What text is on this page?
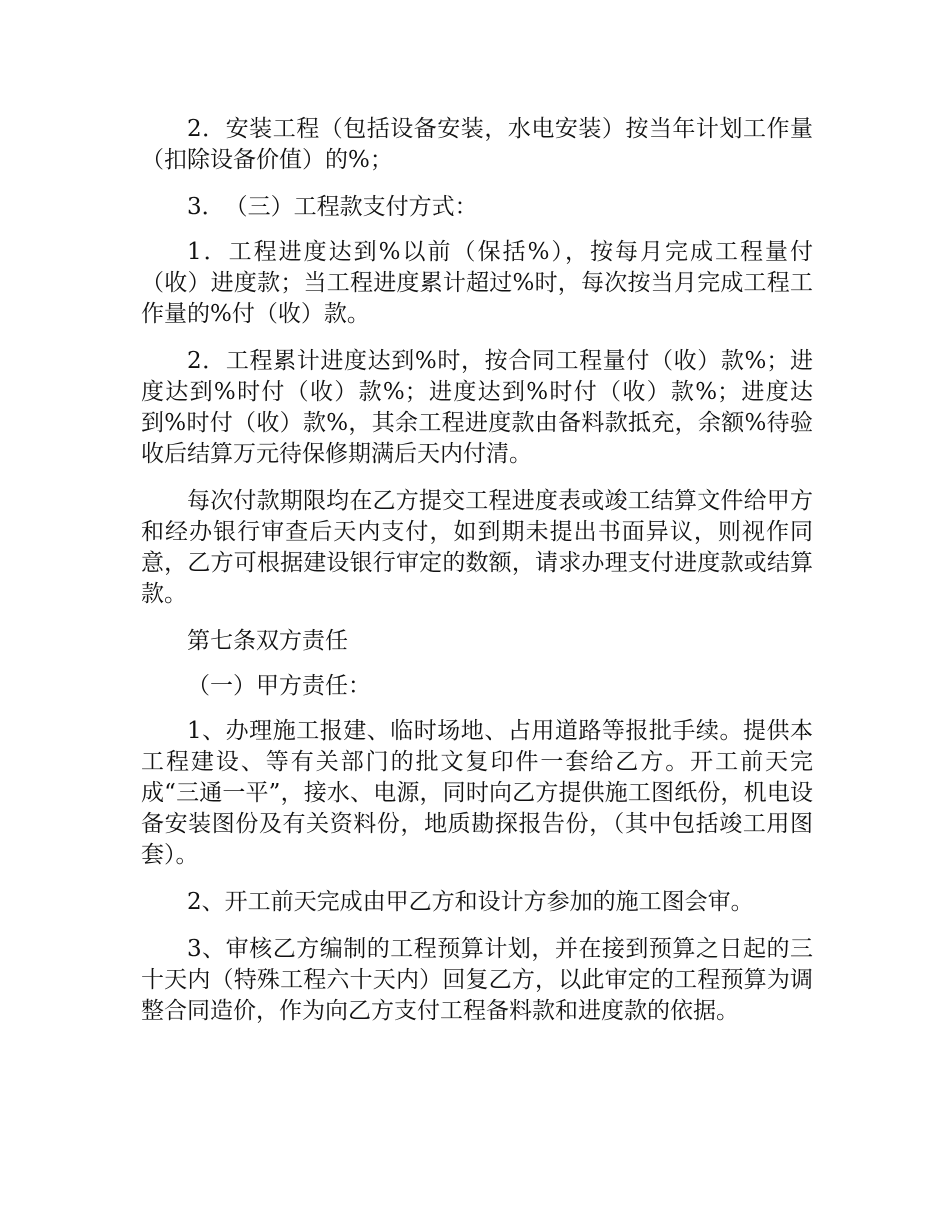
2．安装工程（包括设备安装，水电安装）按当年计划工作量（扣除设备价值）的%；

3．　（三）工程款支付方式：

1．工程进度达到%以前（保括%），按每月完成工程量付（收）进度款；当工程进度累计超过%时，每次按当月完成工程工作量的%付（收）款。

2．工程累计进度达到%时，按合同工程量付（收）款%；进度达到%时付（收）款%；进度达到%时付（收）款%；进度达到%时付（收）款%，其余工程进度款由备料款抵充，余额%待验收后结算万元待保修期满后天内付清。

每次付款期限均在乙方提交工程进度表或竣工结算文件给甲方和经办银行审查后天内支付，如到期未提出书面异议，则视作同意，乙方可根据建设银行审定的数额，请求办理支付进度款或结算款。

第七条双方责任

（一）甲方责任：

1、办理施工报建、临时场地、占用道路等报批手续。提供本工程建设、等有关部门的批文复印件一套给乙方。开工前天完成“三通一平”，接水、电源，同时向乙方提供施工图纸份，机电设备安装图份及有关资料份，地质勘探报告份，（其中包括竣工用图套）。

2、开工前天完成由甲乙方和设计方参加的施工图会审。

3、审核乙方编制的工程预算计划，并在接到预算之日起的三十天内（特殊工程六十天内）回复乙方，以此审定的工程预算为调整合同造价，作为向乙方支付工程备料款和进度款的依据。
